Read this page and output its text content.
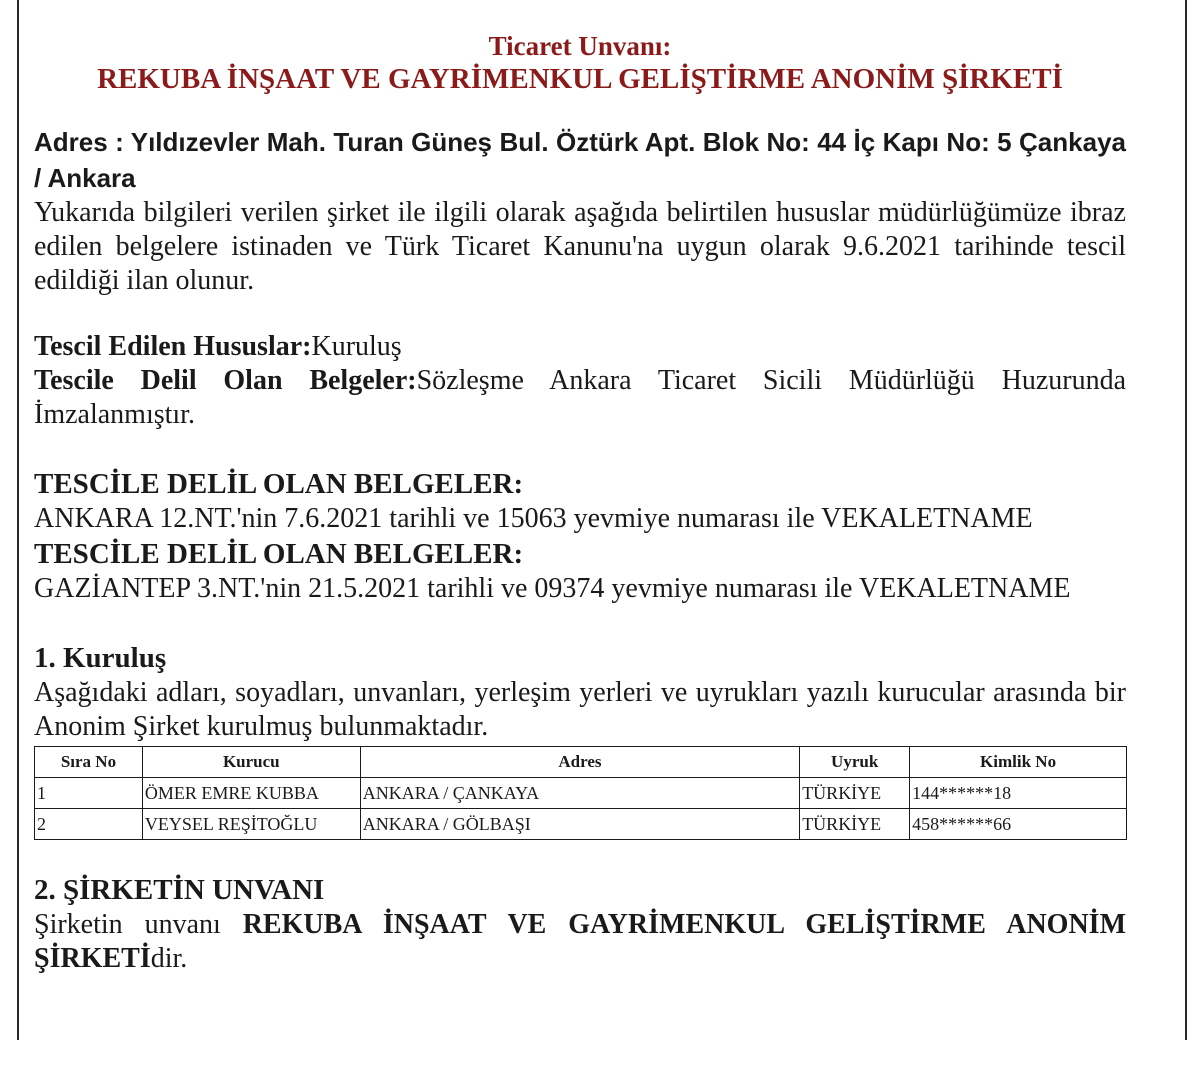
Ticaret Unvanı:
REKUBA İNŞAAT VE GAYRİMENKUL GELİŞTİRME ANONİM ŞİRKETİ

Adres : Yıldızevler Mah. Turan Güneş Bul. Öztürk Apt. Blok No: 44 İç Kapı No: 5 Çankaya / Ankara

Yukarıda bilgileri verilen şirket ile ilgili olarak aşağıda belirtilen hususlar müdürlüğümüze ibraz edilen belgelere istinaden ve Türk Ticaret Kanunu'na uygun olarak 9.6.2021 tarihinde tescil edildiği ilan olunur.

Tescil Edilen Hususlar:Kuruluş

Tescile Delil Olan Belgeler:Sözleşme Ankara Ticaret Sicili Müdürlüğü Huzurunda İmzalanmıştır.

TESCİLE DELİL OLAN BELGELER:

ANKARA 12.NT.'nin 7.6.2021 tarihli ve 15063 yevmiye numarası ile VEKALETNAME

TESCİLE DELİL OLAN BELGELER:

GAZİANTEP 3.NT.'nin 21.5.2021 tarihli ve 09374 yevmiye numarası ile VEKALETNAME

1. Kuruluş

Aşağıdaki adları, soyadları, unvanları, yerleşim yerleri ve uyrukları yazılı kurucular arasında bir Anonim Şirket kurulmuş bulunmaktadır.

Sıra No	Kurucu	Adres	Uyruk	Kimlik No
1	ÖMER EMRE KUBBA	ANKARA / ÇANKAYA	TÜRKİYE	144******18
2	VEYSEL REŞİTOĞLU	ANKARA / GÖLBAŞI	TÜRKİYE	458******66

2. ŞİRKETİN UNVANI

Şirketin unvanı REKUBA İNŞAAT VE GAYRİMENKUL GELİŞTİRME ANONİM ŞİRKETİdir.
